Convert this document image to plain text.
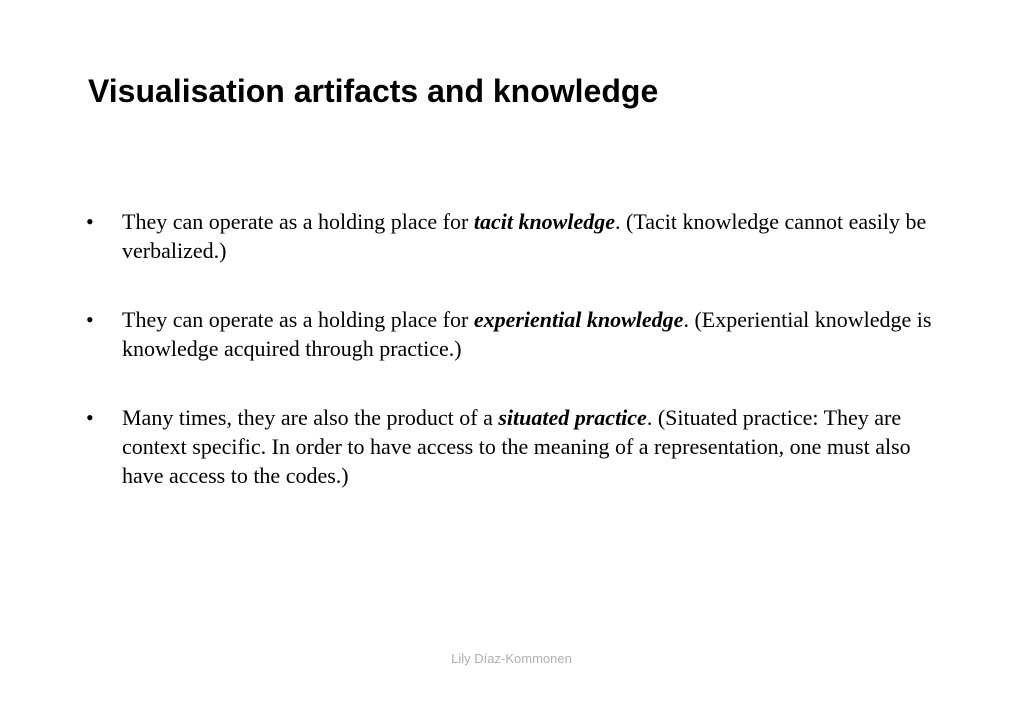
Visualisation artifacts and knowledge
•	They can operate as a holding place for tacit knowledge. (Tacit knowledge cannot easily be verbalized.)
•	They can operate as a holding place for experiential knowledge. (Experiential knowledge is knowledge acquired through practice.)
•	Many times, they are also the product of a situated practice. (Situated practice: They are context specific. In order to have access to the meaning of a representation, one must also have access to the codes.)
Lily Díaz-Kommonen
